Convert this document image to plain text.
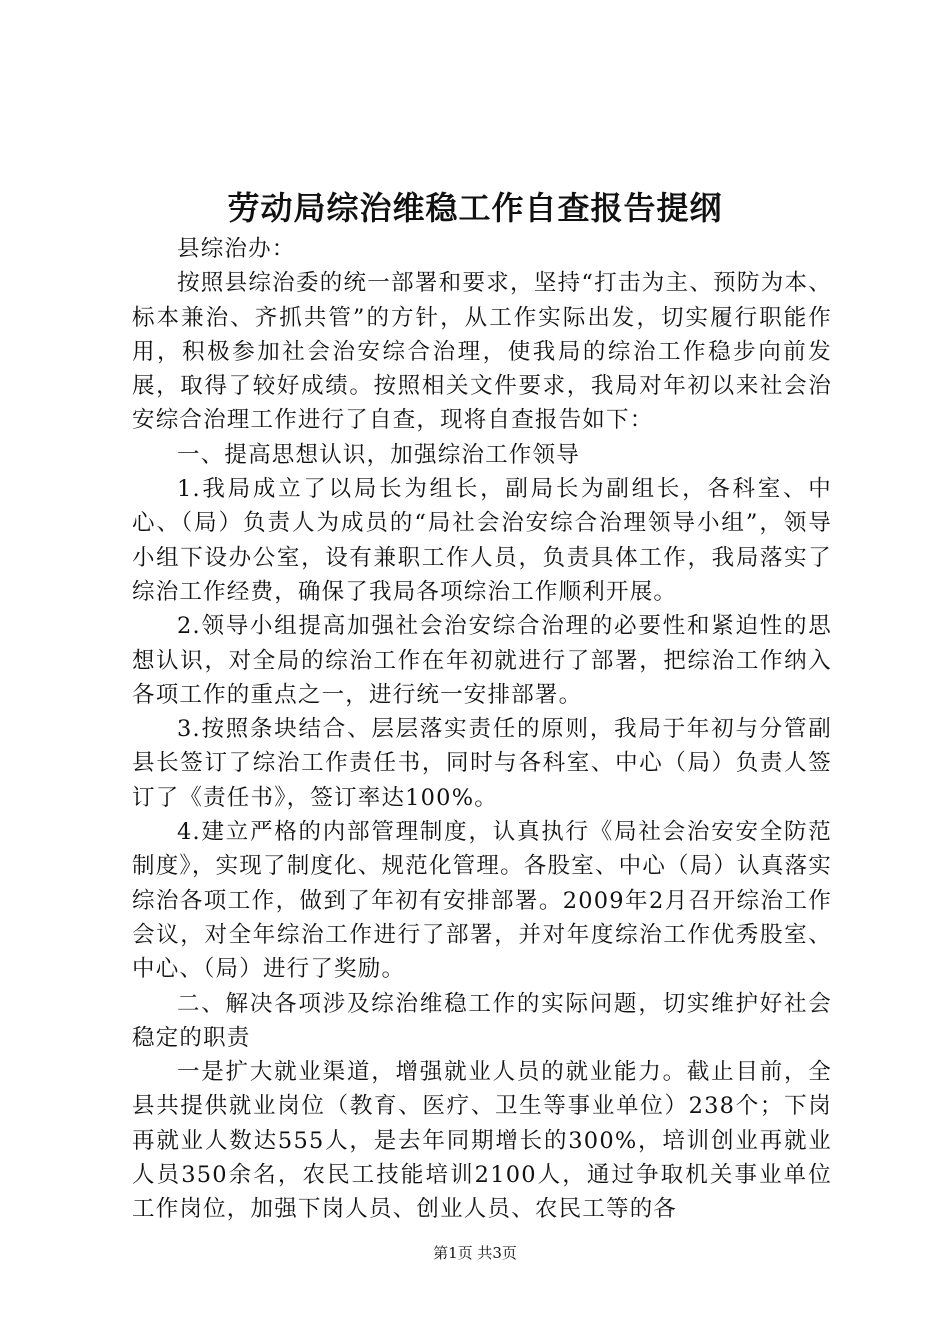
劳动局综治维稳工作自查报告提纲

县综治办：

按照县综治委的统一部署和要求，坚持“打击为主、预防为本、标本兼治、齐抓共管”的方针，从工作实际出发，切实履行职能作用，积极参加社会治安综合治理，使我局的综治工作稳步向前发展，取得了较好成绩。按照相关文件要求，我局对年初以来社会治安综合治理工作进行了自查，现将自查报告如下：

一、提高思想认识，加强综治工作领导

1.我局成立了以局长为组长，副局长为副组长，各科室、中心、（局）负责人为成员的“局社会治安综合治理领导小组”，领导小组下设办公室，设有兼职工作人员，负责具体工作，我局落实了综治工作经费，确保了我局各项综治工作顺利开展。

2.领导小组提高加强社会治安综合治理的必要性和紧迫性的思想认识，对全局的综治工作在年初就进行了部署，把综治工作纳入各项工作的重点之一，进行统一安排部署。

3.按照条块结合、层层落实责任的原则，我局于年初与分管副县长签订了综治工作责任书，同时与各科室、中心（局）负责人签订了《责任书》，签订率达100%。

4.建立严格的内部管理制度，认真执行《局社会治安安全防范制度》，实现了制度化、规范化管理。各股室、中心（局）认真落实综治各项工作，做到了年初有安排部署。2009年2月召开综治工作会议，对全年综治工作进行了部署，并对年度综治工作优秀股室、中心、（局）进行了奖励。

二、解决各项涉及综治维稳工作的实际问题，切实维护好社会稳定的职责

一是扩大就业渠道，增强就业人员的就业能力。截止目前，全县共提供就业岗位（教育、医疗、卫生等事业单位）238个；下岗再就业人数达555人，是去年同期增长的300%，培训创业再就业人员350余名，农民工技能培训2100人，通过争取机关事业单位工作岗位，加强下岗人员、创业人员、农民工等的各

第1页 共3页
